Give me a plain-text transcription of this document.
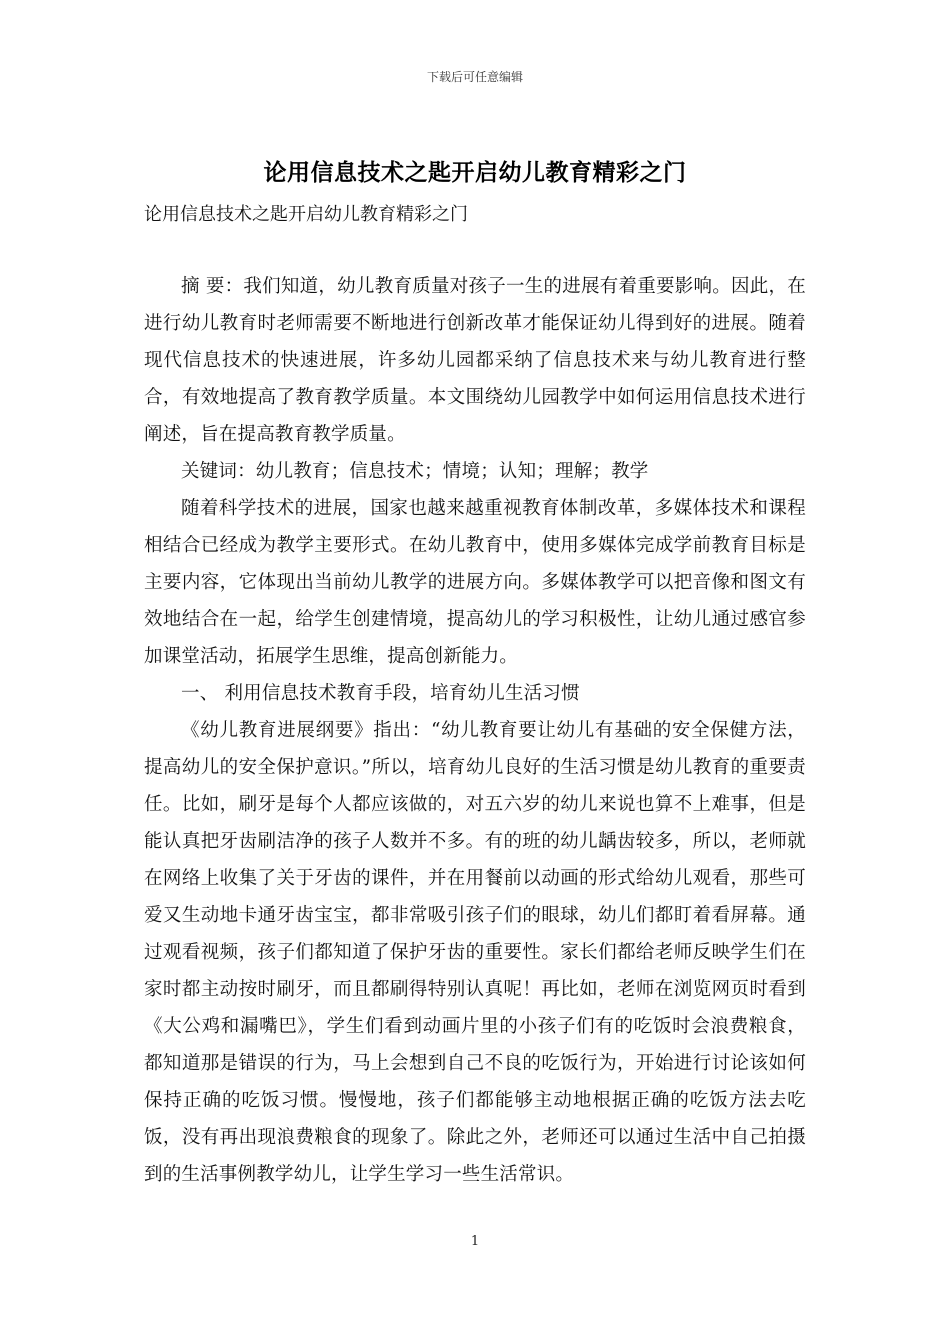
下载后可任意编辑
论用信息技术之匙开启幼儿教育精彩之门
论用信息技术之匙开启幼儿教育精彩之门

摘 要：我们知道，幼儿教育质量对孩子一生的进展有着重要影响。因此，在进行幼儿教育时老师需要不断地进行创新改革才能保证幼儿得到好的进展。随着现代信息技术的快速进展，许多幼儿园都采纳了信息技术来与幼儿教育进行整合，有效地提高了教育教学质量。本文围绕幼儿园教学中如何运用信息技术进行阐述，旨在提高教育教学质量。

关键词：幼儿教育；信息技术；情境；认知；理解；教学

随着科学技术的进展，国家也越来越重视教育体制改革，多媒体技术和课程相结合已经成为教学主要形式。在幼儿教育中，使用多媒体完成学前教育目标是主要内容，它体现出当前幼儿教学的进展方向。多媒体教学可以把音像和图文有效地结合在一起，给学生创建情境，提高幼儿的学习积极性，让幼儿通过感官参加课堂活动，拓展学生思维，提高创新能力。

一、 利用信息技术教育手段，培育幼儿生活习惯

《幼儿教育进展纲要》指出：“幼儿教育要让幼儿有基础的安全保健方法，提高幼儿的安全保护意识。”所以，培育幼儿良好的生活习惯是幼儿教育的重要责任。比如，刷牙是每个人都应该做的，对五六岁的幼儿来说也算不上难事，但是能认真把牙齿刷洁净的孩子人数并不多。有的班的幼儿龋齿较多，所以，老师就在网络上收集了关于牙齿的课件，并在用餐前以动画的形式给幼儿观看，那些可爱又生动地卡通牙齿宝宝，都非常吸引孩子们的眼球，幼儿们都盯着看屏幕。通过观看视频，孩子们都知道了保护牙齿的重要性。家长们都给老师反映学生们在家时都主动按时刷牙，而且都刷得特别认真呢！再比如，老师在浏览网页时看到《大公鸡和漏嘴巴》，学生们看到动画片里的小孩子们有的吃饭时会浪费粮食，都知道那是错误的行为，马上会想到自己不良的吃饭行为，开始进行讨论该如何保持正确的吃饭习惯。慢慢地，孩子们都能够主动地根据正确的吃饭方法去吃饭，没有再出现浪费粮食的现象了。除此之外，老师还可以通过生活中自己拍摄到的生活事例教学幼儿，让学生学习一些生活常识。

1
